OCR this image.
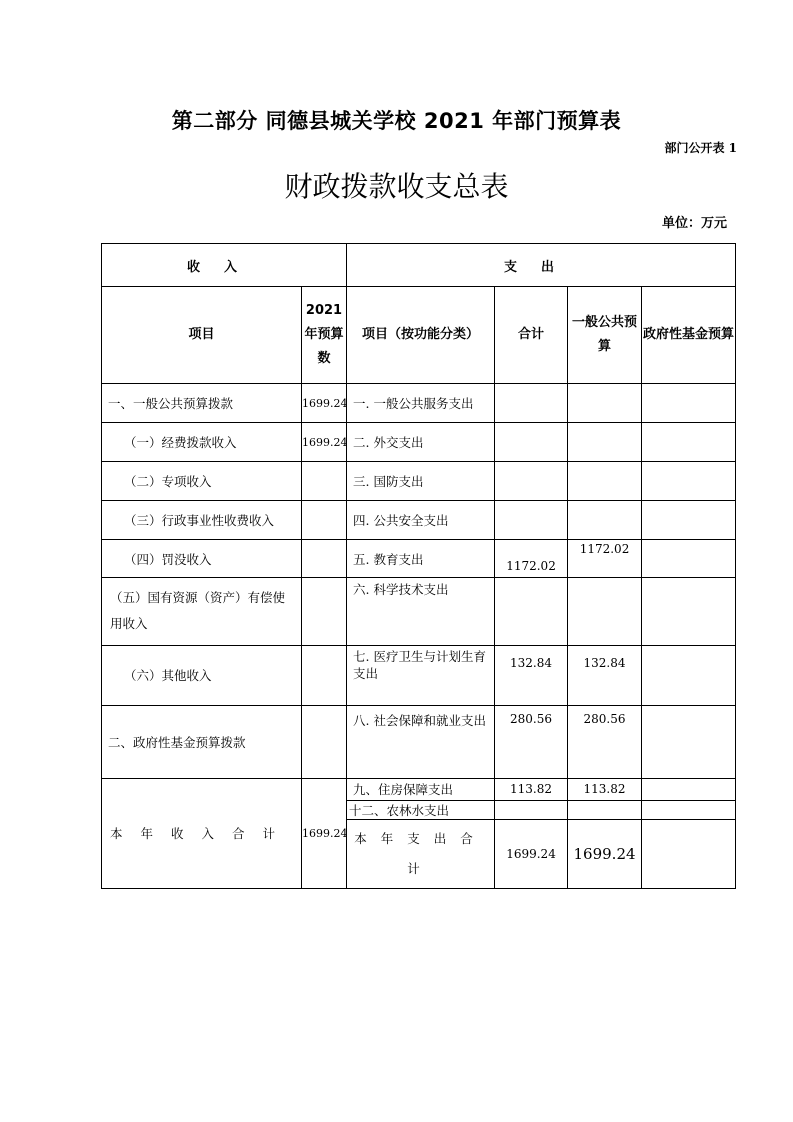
第二部分 同德县城关学校 2021 年部门预算表
部门公开表 1
财政拨款收支总表
单位：万元
收入		支出			
项目	2021年预算数	项目（按功能分类）	合计	一般公共预算	政府性基金预算
一、一般公共预算拨款	1699.24	一. 一般公共服务支出			
（一）经费拨款收入	1699.24	二. 外交支出			
（二）专项收入		三. 国防支出			
（三）行政事业性收费收入		四. 公共安全支出			
（四）罚没收入		五. 教育支出	1172.02	1172.02	
（五）国有资源（资产）有偿使用收入		六. 科学技术支出			
（六）其他收入		七. 医疗卫生与计划生育支出	132.84	132.84	
二、政府性基金预算拨款		八. 社会保障和就业支出	280.56	280.56	
本年收入合计	1699.24	九、住房保障支出	113.82	113.82	
		十二、农林水支出			
		本年支出合计	1699.24	1699.24	
